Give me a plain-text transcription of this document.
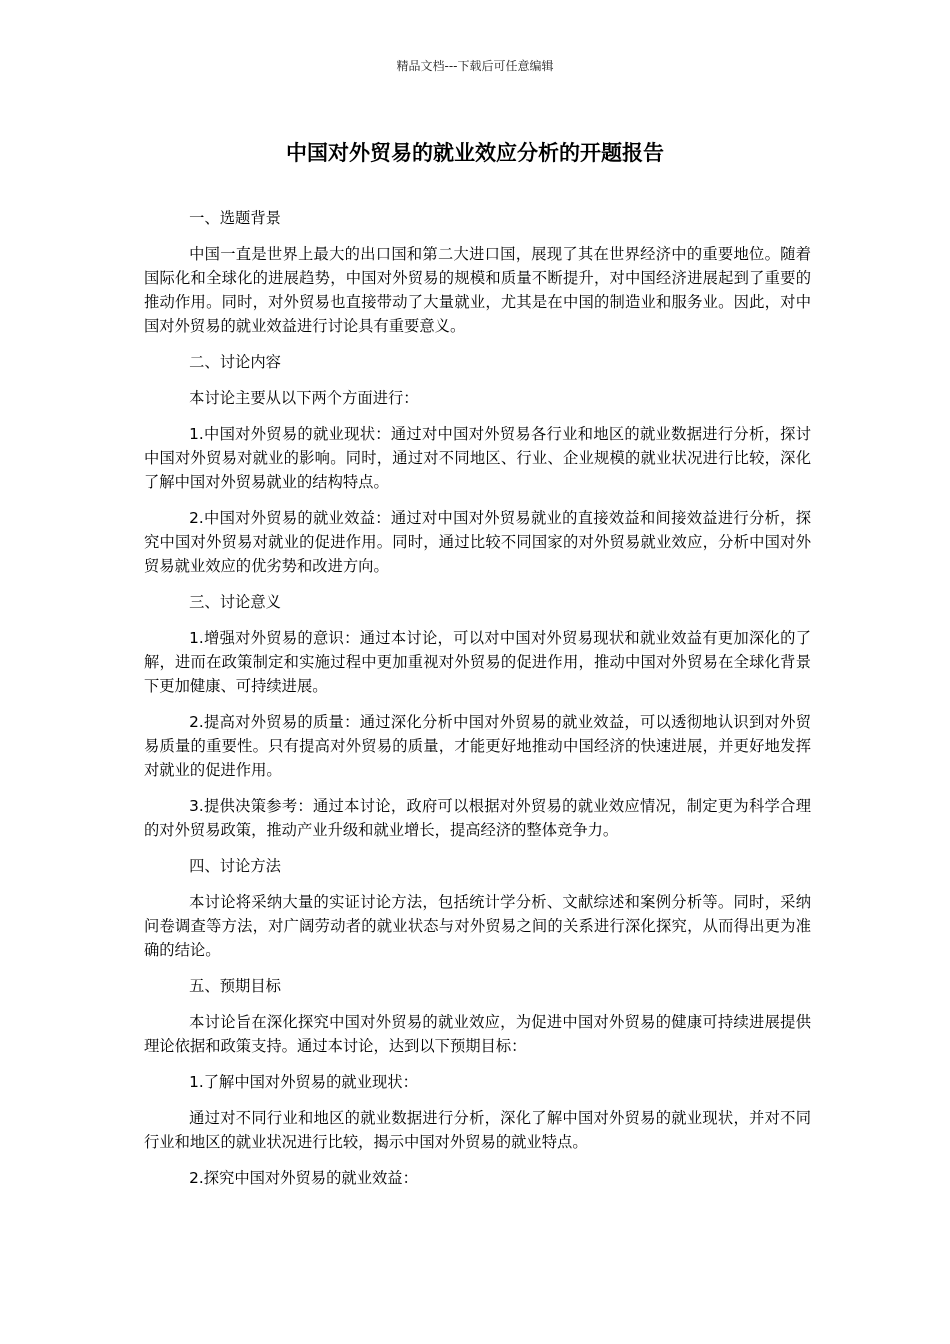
精品文档---下载后可任意编辑
中国对外贸易的就业效应分析的开题报告

一、选题背景

中国一直是世界上最大的出口国和第二大进口国，展现了其在世界经济中的重要地位。随着国际化和全球化的进展趋势，中国对外贸易的规模和质量不断提升，对中国经济进展起到了重要的推动作用。同时，对外贸易也直接带动了大量就业，尤其是在中国的制造业和服务业。因此，对中国对外贸易的就业效益进行讨论具有重要意义。

二、讨论内容

本讨论主要从以下两个方面进行：

1.中国对外贸易的就业现状：通过对中国对外贸易各行业和地区的就业数据进行分析，探讨中国对外贸易对就业的影响。同时，通过对不同地区、行业、企业规模的就业状况进行比较，深化了解中国对外贸易就业的结构特点。

2.中国对外贸易的就业效益：通过对中国对外贸易就业的直接效益和间接效益进行分析，探究中国对外贸易对就业的促进作用。同时，通过比较不同国家的对外贸易就业效应，分析中国对外贸易就业效应的优劣势和改进方向。

三、讨论意义

1.增强对外贸易的意识：通过本讨论，可以对中国对外贸易现状和就业效益有更加深化的了解，进而在政策制定和实施过程中更加重视对外贸易的促进作用，推动中国对外贸易在全球化背景下更加健康、可持续进展。

2.提高对外贸易的质量：通过深化分析中国对外贸易的就业效益，可以透彻地认识到对外贸易质量的重要性。只有提高对外贸易的质量，才能更好地推动中国经济的快速进展，并更好地发挥对就业的促进作用。

3.提供决策参考：通过本讨论，政府可以根据对外贸易的就业效应情况，制定更为科学合理的对外贸易政策，推动产业升级和就业增长，提高经济的整体竞争力。

四、讨论方法

本讨论将采纳大量的实证讨论方法，包括统计学分析、文献综述和案例分析等。同时，采纳问卷调查等方法，对广阔劳动者的就业状态与对外贸易之间的关系进行深化探究，从而得出更为准确的结论。

五、预期目标

本讨论旨在深化探究中国对外贸易的就业效应，为促进中国对外贸易的健康可持续进展提供理论依据和政策支持。通过本讨论，达到以下预期目标：

1.了解中国对外贸易的就业现状：

通过对不同行业和地区的就业数据进行分析，深化了解中国对外贸易的就业现状，并对不同行业和地区的就业状况进行比较，揭示中国对外贸易的就业特点。

2.探究中国对外贸易的就业效益：
